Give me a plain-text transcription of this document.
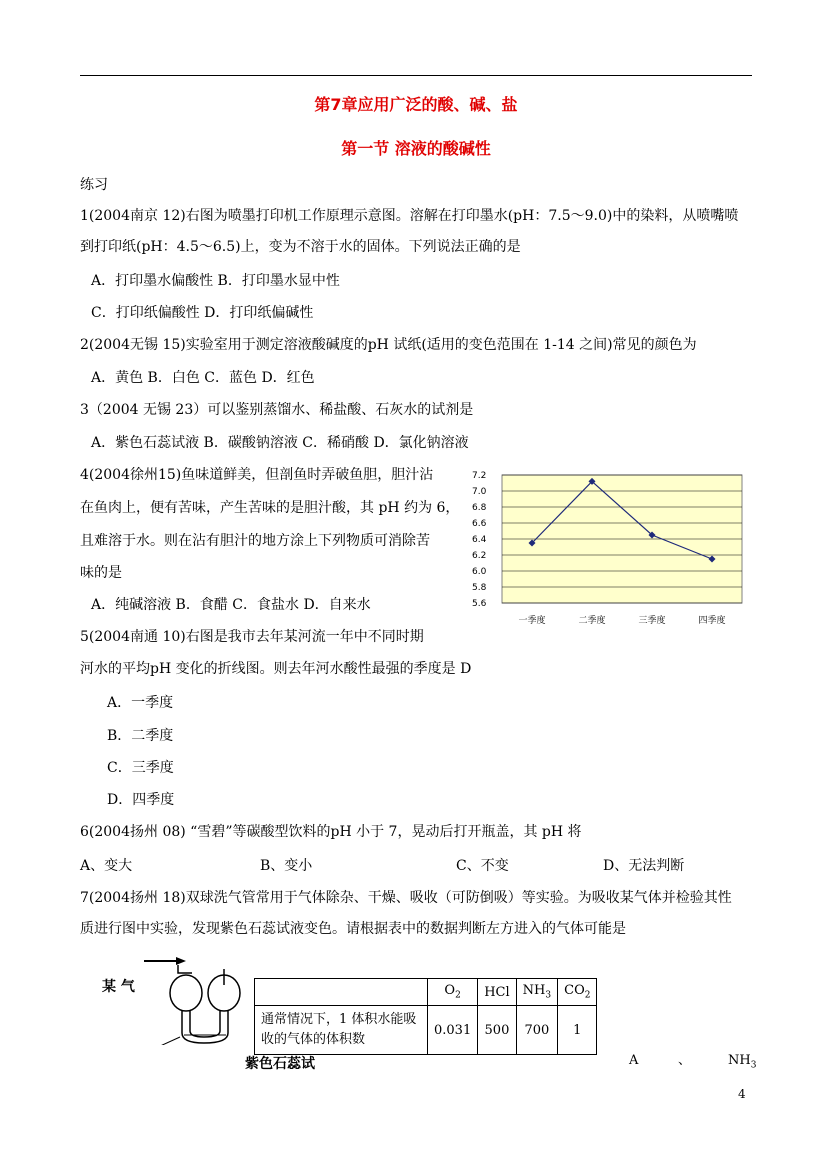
第7章应用广泛的酸、碱、盐
第一节 溶液的酸碱性
练习
1(2004南京 12)右图为喷墨打印机工作原理示意图。溶解在打印墨水(pH：7.5～9.0)中的染料，从喷嘴喷
到打印纸(pH：4.5～6.5)上，变为不溶于水的固体。下列说法正确的是
A．打印墨水偏酸性 B．打印墨水显中性
C．打印纸偏酸性 D．打印纸偏碱性
2(2004无锡 15)实验室用于测定溶液酸碱度的pH 试纸(适用的变色范围在 1-14 之间)常见的颜色为
A．黄色 B．白色 C．蓝色 D．红色
3（2004 无锡 23）可以鉴别蒸馏水、稀盐酸、石灰水的试剂是
A．紫色石蕊试液 B．碳酸钠溶液 C．稀硝酸 D．氯化钠溶液
4(2004徐州15)鱼味道鲜美，但剖鱼时弄破鱼胆，胆汁沾
在鱼肉上，便有苦味，产生苦味的是胆汁酸，其 pH 约为 6，
且难溶于水。则在沾有胆汁的地方涂上下列物质可消除苦
味的是
A．纯碱溶液 B．食醋 C．食盐水 D．自来水	5.6
5.8
6.0
6.2
6.4
6.6
6.8
7.0
7.2
一季度	二季度	三季度	四季度
5(2004南通 10)右图是我市去年某河流一年中不同时期
河水的平均pH 变化的折线图。则去年河水酸性最强的季度是 D
A．一季度
B．二季度
C．三季度
D．四季度
6(2004扬州 08) “雪碧”等碳酸型饮料的pH 小于 7，晃动后打开瓶盖，其 pH 将
A、变大	B、变小	C、不变	D、无法判断
7(2004扬州 18)双球洗气管常用于气体除杂、干燥、吸收（可防倒吸）等实验。为吸收某气体并检验其性
质进行图中实验，发现紫色石蕊试液变色。请根据表中的数据判断左方进入的气体可能是
某 气
紫色石蕊试
	$O_2$	HCl	$NH_3$	$CO_2$
通常情况下，1 体积水能吸收的气体的体积数	0.031	500	700	1
A	、	$NH_3$
4
